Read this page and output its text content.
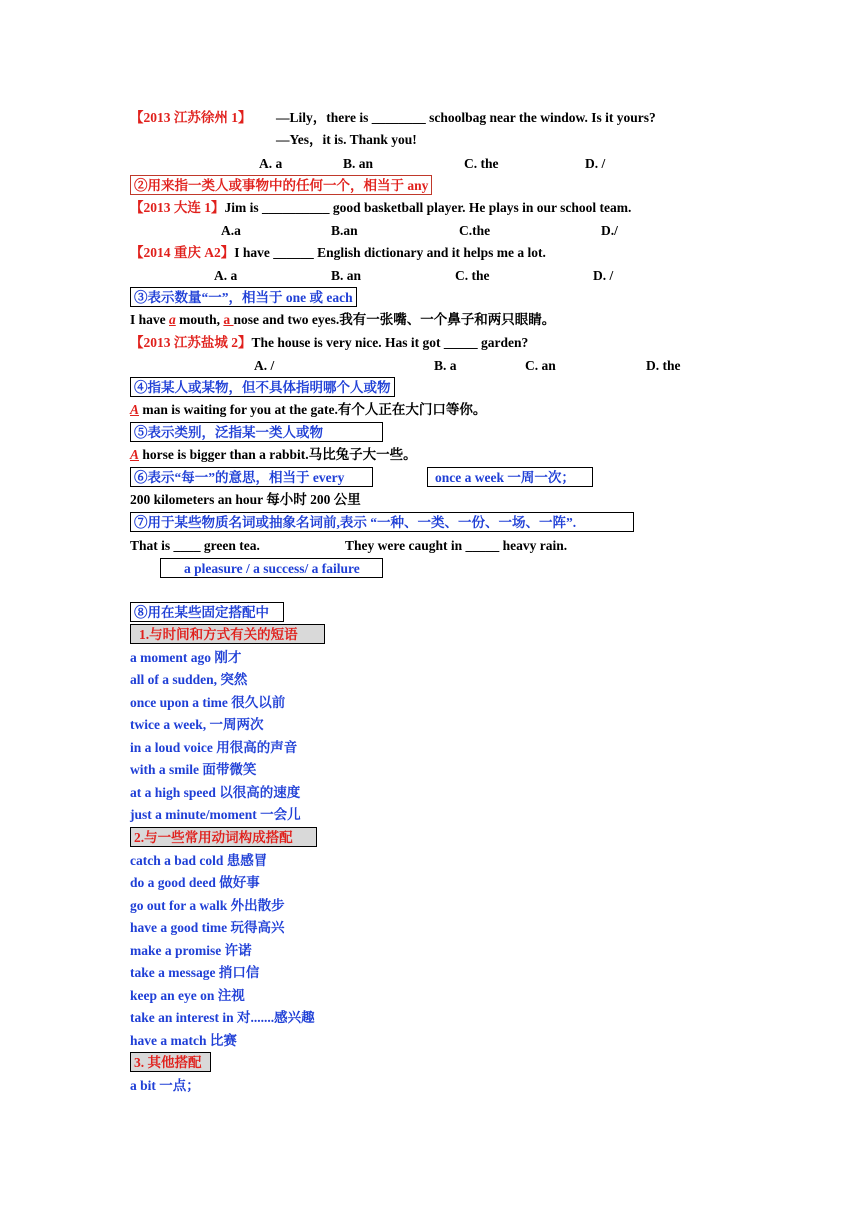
【2013 江苏徐州 1】 —Lily，there is ________ schoolbag near the window. Is it yours?
—Yes，it is. Thank you!
A. a	B. an	C. the	D. /
②用来指一类人或事物中的任何一个，相当于 any
【2013 大连 1】Jim is __________ good basketball player. He plays in our school team.
A.a	B.an	C.the	D./
【2014 重庆 A2】I have ______ English dictionary and it helps me a lot.
A. a	B. an	C. the	D. /
③表示数量“一”，相当于 one 或 each
I have a mouth, a nose and two eyes.我有一张嘴、一个鼻子和两只眼睛。
【2013 江苏盐城 2】The house is very nice. Has it got _____ garden?
A. /	B. a	C. an	D. the
④指某人或某物，但不具体指明哪个人或物
A man is waiting for you at the gate.有个人正在大门口等你。
⑤表示类别，泛指某一类人或物
A horse is bigger than a rabbit.马比兔子大一些。
⑥表示“每一”的意思，相当于 every	once a week 一周一次；
200 kilometers an hour 每小时 200 公里
⑦用于某些物质名词或抽象名词前,表示 “一种、一类、一份、一场、一阵”.
That is ____ green tea.	They were caught in _____ heavy rain.
a pleasure / a success/ a failure
⑧用在某些固定搭配中
1.与时间和方式有关的短语
a moment ago 刚才
all of a sudden, 突然
once upon a time 很久以前
twice a week, 一周两次
in a loud voice 用很高的声音
with a smile 面带微笑
at a high speed 以很高的速度
just a minute/moment 一会儿
2.与一些常用动词构成搭配
catch a bad cold 患感冒
do a good deed 做好事
go out for a walk 外出散步
have a good time 玩得高兴
make a promise 许诺
take a message 捎口信
keep an eye on 注视
take an interest in 对.......感兴趣
have a match 比赛
3. 其他搭配
a bit 一点；
